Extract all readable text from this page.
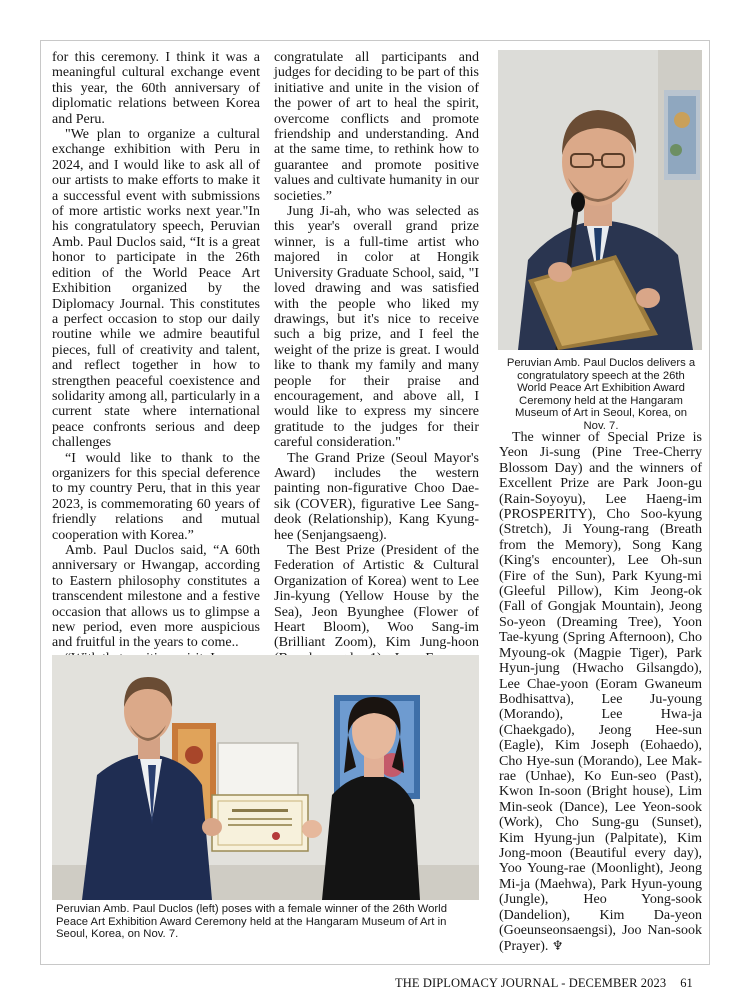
for this ceremony. I think it was a meaningful cultural exchange event this year, the 60th anniversary of diplomatic relations between Korea and Peru.

"We plan to organize a cultural exchange exhibition with Peru in 2024, and I would like to ask all of our artists to make efforts to make it a successful event with submissions of more artistic works next year."In his congratulatory speech, Peruvian Amb. Paul Duclos said, “It is a great honor to participate in the 26th edition of the World Peace Art Exhibition organized by the Diplomacy Journal. This constitutes a perfect occasion to stop our daily routine while we admire beautiful pieces, full of creativity and talent, and reflect together in how to strengthen peaceful coexistence and solidarity among all, particularly in a current state where international peace confronts serious and deep challenges

“I would like to thank to the organizers for this special deference to my country Peru, that in this year 2023, is commemorating 60 years of friendly relations and mutual cooperation with Korea.”

Amb. Paul Duclos said, “A 60th anniversary or Hwangap, according to Eastern philosophy constitutes a transcendent milestone and a festive occasion that allows us to glimpse a new period, even more auspicious and fruitful in the years to come..

congratulate all participants and judges for deciding to be part of this initiative and unite in the vision of the power of art to heal the spirit, overcome conflicts and promote friendship and understanding. And at the same time, to rethink how to guarantee and promote positive values and cultivate humanity in our societies.”

Jung Ji-ah, who was selected as this year's overall grand prize winner, is a full-time artist who majored in color at Hongik University Graduate School, said, "I loved drawing and was satisfied with the people who liked my drawings, but it's nice to receive such a big prize, and I feel the weight of the prize is great. I would like to thank my family and many people for their praise and encouragement, and above all, I would like to express my sincere gratitude to the judges for their careful consideration."

The Grand Prize (Seoul Mayor's Award) includes the western painting non-figurative Choo Dae-sik (COVER), figurative Lee Sang-deok (Relationship), Kang Kyung-hee (Senjangsaeng).

The Best Prize (President of the Federation of Artistic & Cultural Organization of Korea) went to Lee Jin-kyung (Yellow House by the Sea), Jeon Byunghee (Flower of Heart Bloom), Woo Sang-im (Brilliant Zoom), Kim Jung-hoon

Peruvian Amb. Paul Duclos delivers a congratulatory speech at the 26th World Peace Art Exhibition Award Ceremony held at the Hangaram Museum of Art in Seoul, Korea, on Nov. 7.

The winner of Special Prize is Yeon Ji-sung (Pine Tree-Cherry Blossom Day) and the winners of Excellent Prize are Park Joon-gu (Rain-Soyoyu), Lee Haeng-im (PROSPERITY), Cho Soo-kyung (Stretch), Ji Young-rang (Breath from the Memory), Song Kang (King's encounter), Lee Oh-sun (Fire of the Sun), Park Kyung-mi (Gleeful Pillow), Kim Jeong-ok (Fall of Gongjak Mountain), Jeong So-yeon (Dreaming Tree), Yoon Tae-kyung (Spring Afternoon), Cho Myoung-ok (Magpie Tiger), Park Hyun-jung (Hwacho Gilsangdo), Lee Chae-yoon (Eoram Gwaneum Bodhisattva), Lee Ju-young (Morando), Lee Hwa-ja (Chaekgado), Jeong Hee-sun (Eagle), Kim Joseph (Eohaedo), Cho Hye-sun (Morando), Lee Mak-rae (Unhae), Ko Eun-seo (Past), Kwon In-soon (Bright house), Lim Min-seok (Dance), Lee Yeon-sook (Work), Cho Sung-gu (Sunset), Kim Hyung-jun (Palpitate), Kim Jong-moon (Beautiful every day), Yoo Young-rae (Moonlight), Jeong Mi-ja (Maehwa), Park Hyun-young (Jungle), Heo Yong-sook (Dandelion), Kim Da-yeon (Goeunseonsaengsi), Joo Nan-sook (Prayer). ♆

Peruvian Amb. Paul Duclos (left) poses with a female winner of the 26th World Peace Art Exhibition Award Ceremony held at the Hangaram Museum of Art in Seoul, Korea, on Nov. 7.
THE DIPLOMACY JOURNAL - DECEMBER 2023 61
